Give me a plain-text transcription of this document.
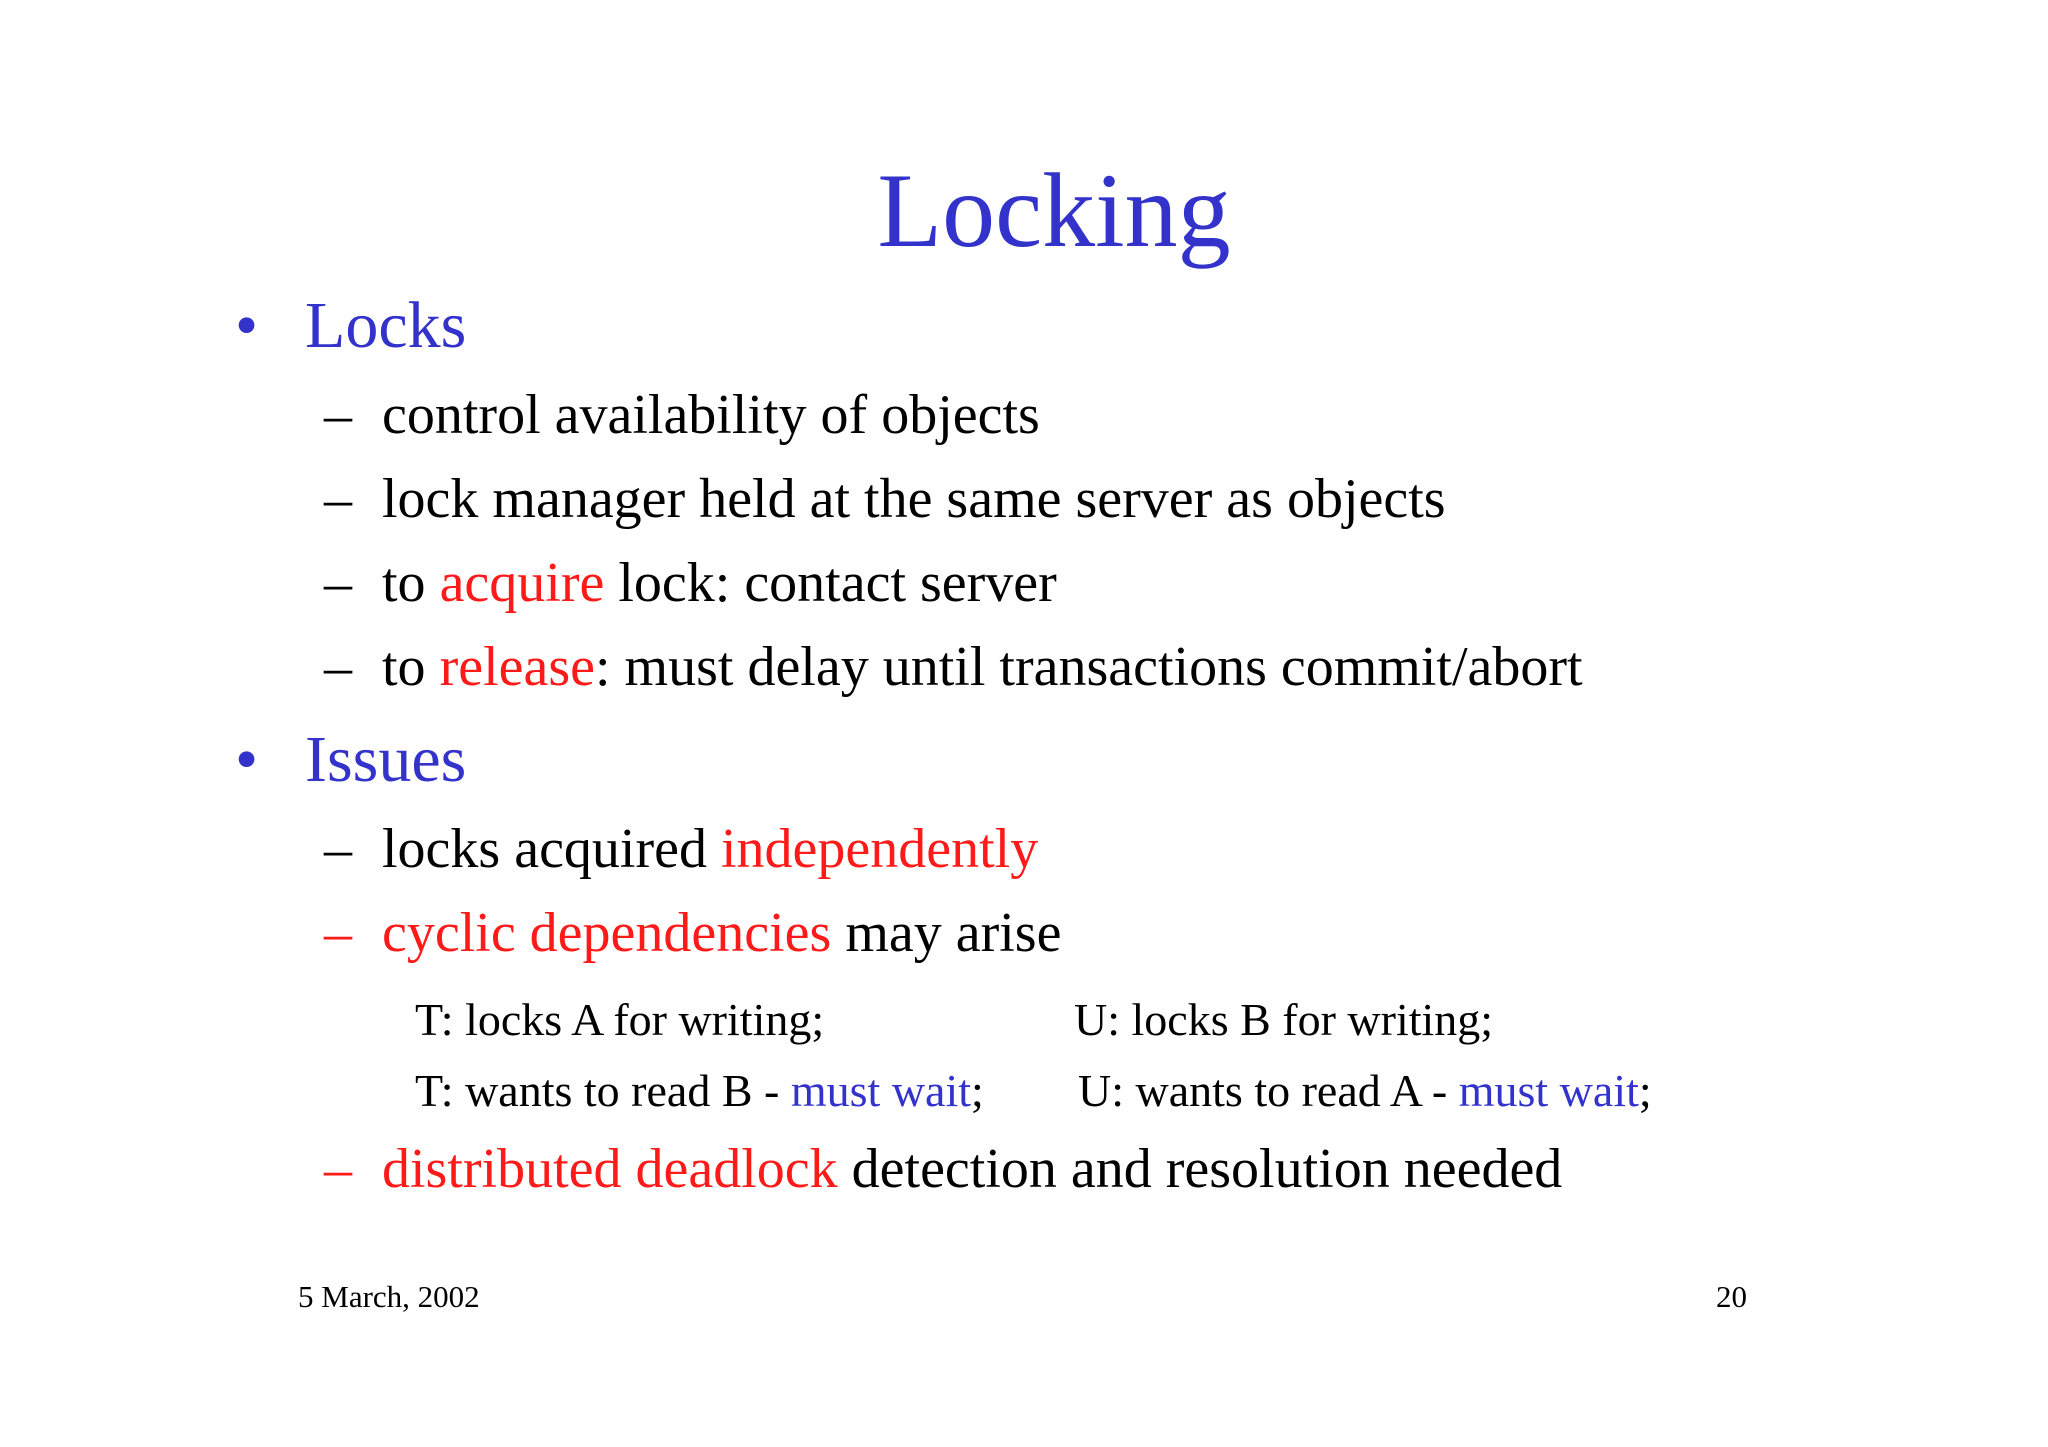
Locking
• Locks
– control availability of objects
– lock manager held at the same server as objects
– to acquire lock: contact server
– to release: must delay until transactions commit/abort
• Issues
– locks acquired independently
– cyclic dependencies may arise
T: locks A for writing;	U: locks B for writing;
T: wants to read B - must wait; U: wants to read A - must wait;
– distributed deadlock detection and resolution needed
5 March, 2002	20
